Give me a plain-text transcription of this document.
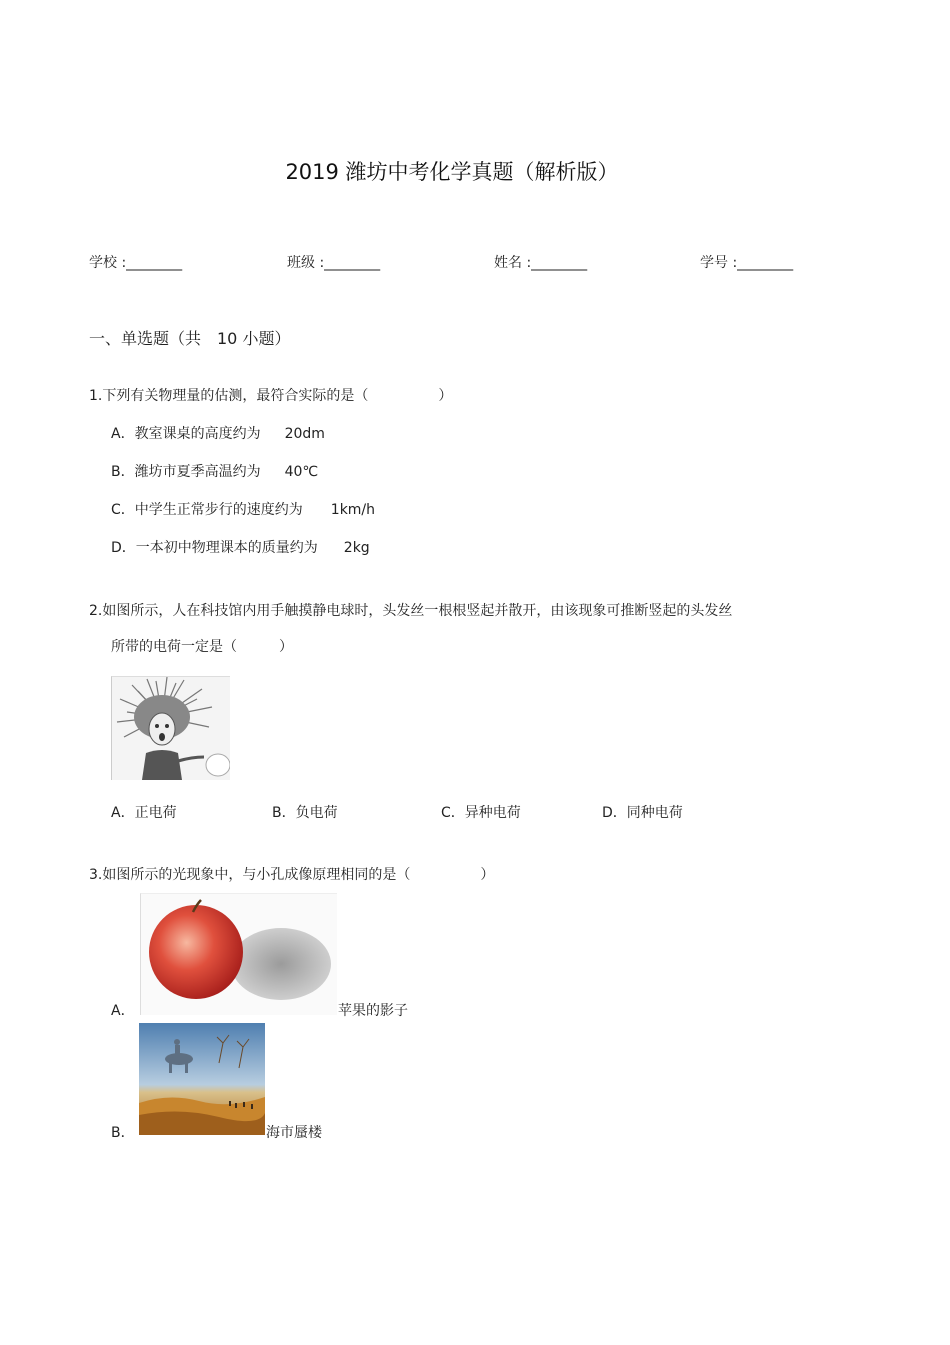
2019 潍坊中考化学真题（解析版）
学校 :________	班级 :________	姓名 :________	学号 :________
一、单选题（共　10 小题）
1.下列有关物理量的估测，最符合实际的是（　　　　　）
A．教室课桌的高度约为 20dm
B．潍坊市夏季高温约为 40℃
C．中学生正常步行的速度约为 1km/h
D．一本初中物理课本的质量约为 2kg
2.如图所示，人在科技馆内用手触摸静电球时，头发丝一根根竖起并散开，由该现象可推断竖起的头发丝
所带的电荷一定是（　　　）
A．正电荷	B．负电荷	C．异种电荷	D．同种电荷
3.如图所示的光现象中，与小孔成像原理相同的是（　　　　　）
A．	苹果的影子
B．	海市蜃楼
